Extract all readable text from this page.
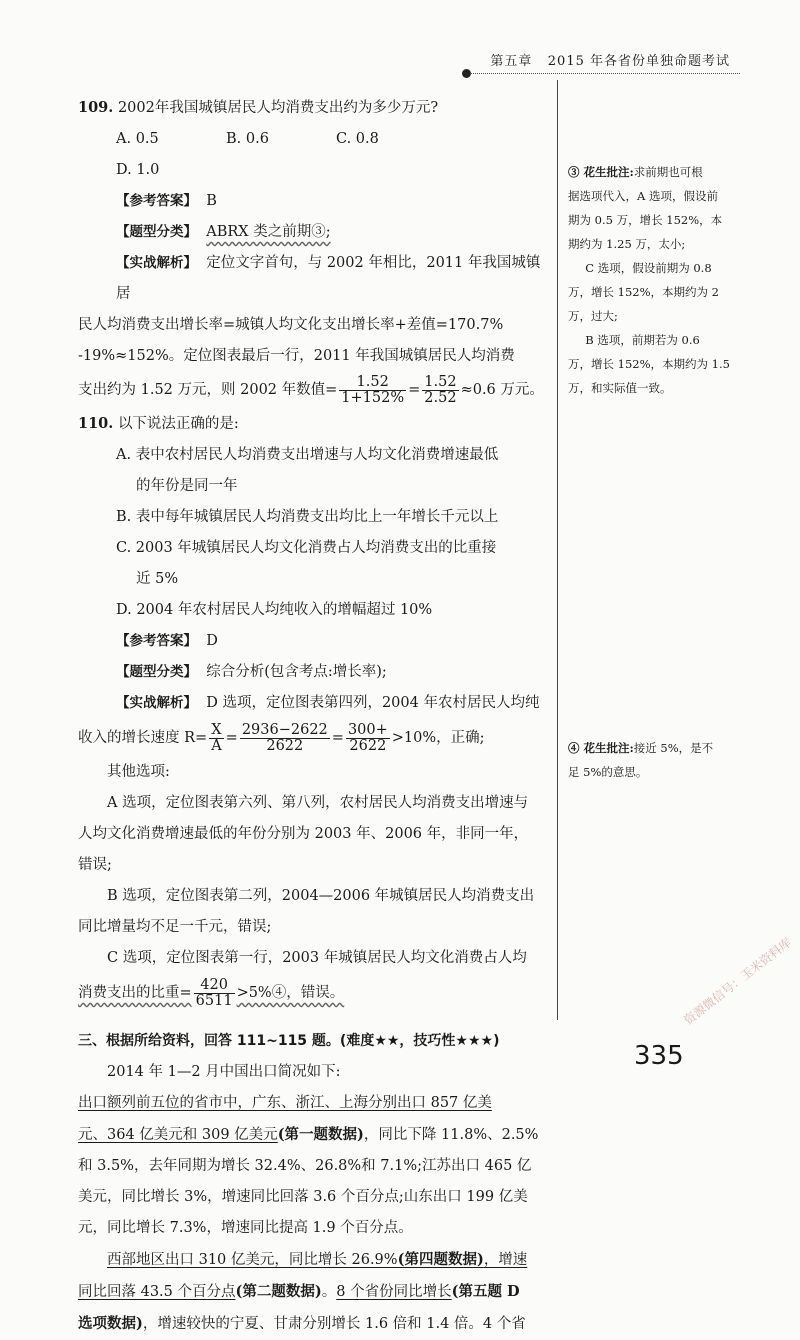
第五章 2015 年各省份单独命题考试

109. 2002年我国城镇居民人均消费支出约为多少万元?

A. 0.5	B. 0.6	C. 0.8D. 1.0

【参考答案】 B

【题型分类】 ABRX 类之前期③;

【实战解析】 定位文字首句，与 2002 年相比，2011 年我国城镇居

民人均消费支出增长率=城镇人均文化支出增长率+差值=170.7%

-19%≈152%。定位图表最后一行，2011 年我国城镇居民人均消费

支出约为 1.52 万元，则 2002 年数值= $\frac{1.52}{1+152\%} = \frac{1.52}{2.52} \approx 0.6$ 万元。

110. 以下说法正确的是:

A. 表中农村居民人均消费支出增速与人均文化消费增速最低

的年份是同一年

B. 表中每年城镇居民人均消费支出均比上一年增长千元以上

C. 2003 年城镇居民人均文化消费占人均消费支出的比重接

近 5%

D. 2004 年农村居民人均纯收入的增幅超过 10%

【参考答案】 D

【题型分类】 综合分析(包含考点:增长率);

【实战解析】 D 选项，定位图表第四列，2004 年农村居民人均纯

收入的增长速度 $R= \frac{X}{A} = \frac{2936-2622}{2622} = \frac{300+}{2622} >10\%$，正确;

其他选项:

A 选项，定位图表第六列、第八列，农村居民人均消费支出增速与

人均文化消费增速最低的年份分别为 2003 年、2006 年，非同一年，

错误;

B 选项，定位图表第二列，2004—2006 年城镇居民人均消费支出

同比增量均不足一千元，错误;

C 选项，定位图表第一行，2003 年城镇居民人均文化消费占人均

消费支出的比重= $\frac{420}{6511}$ >5%④，错误。

三、根据所给资料，回答 111~115 题。(难度★★，技巧性★★★)

2014 年 1—2 月中国出口简况如下:

出口额列前五位的省市中，广东、浙江、上海分别出口 857 亿美

元、364 亿美元和 309 亿美元(第一题数据)，同比下降 11.8%、2.5%

和 3.5%，去年同期为增长 32.4%、26.8%和 7.1%;江苏出口 465 亿

美元，同比增长 3%，增速同比回落 3.6 个百分点;山东出口 199 亿美

元，同比增长 7.3%，增速同比提高 1.9 个百分点。

西部地区出口 310 亿美元，同比增长 26.9%(第四题数据)，增速

同比回落 43.5 个百分点(第二题数据)。8 个省份同比增长(第五题 D

选项数据)，增速较快的宁夏、甘肃分别增长 1.6 倍和 1.4 倍。4 个省

③ 花生批注:求前期也可根
据选项代入，A 选项，假设前
期为 0.5 万，增长 152%，本
期约为 1.25 万，太小;
C 选项，假设前期为 0.8
万，增长 152%，本期约为 2
万，过大;
B 选项，前期若为 0.6
万，增长 152%，本期约为 1.5
万，和实际值一致。
④ 花生批注:接近 5%，是不
足 5%的意思。
335
资源微信号：玉米资料库
